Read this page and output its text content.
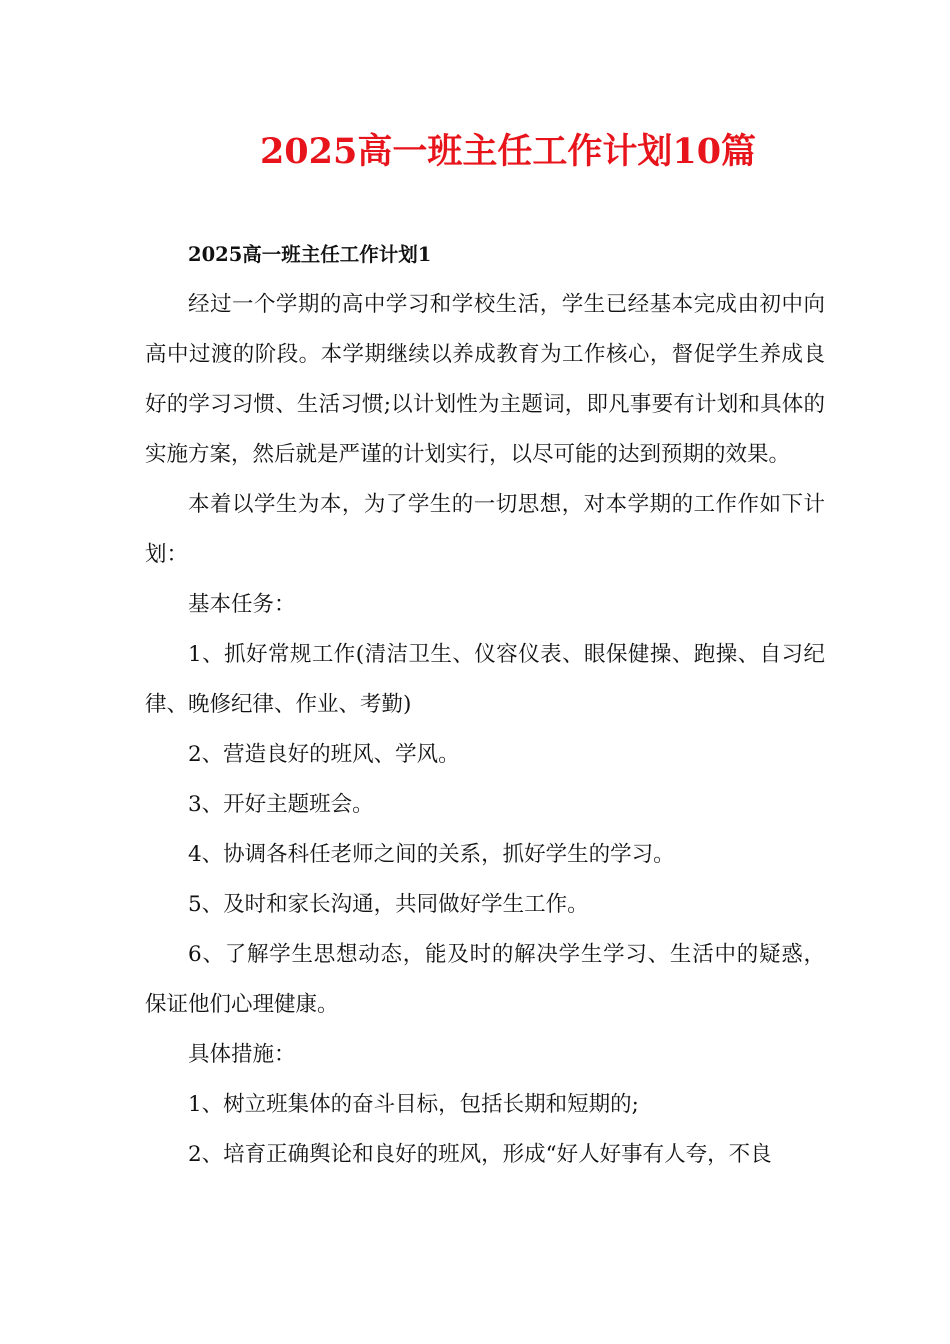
2025高一班主任工作计划10篇

2025高一班主任工作计划1

经过一个学期的高中学习和学校生活，学生已经基本完成由初中向高中过渡的阶段。本学期继续以养成教育为工作核心，督促学生养成良好的学习习惯、生活习惯;以计划性为主题词，即凡事要有计划和具体的实施方案，然后就是严谨的计划实行，以尽可能的达到预期的效果。

本着以学生为本，为了学生的一切思想，对本学期的工作作如下计划：

基本任务：

1、抓好常规工作(清洁卫生、仪容仪表、眼保健操、跑操、自习纪律、晚修纪律、作业、考勤)

2、营造良好的班风、学风。

3、开好主题班会。

4、协调各科任老师之间的关系，抓好学生的学习。

5、及时和家长沟通，共同做好学生工作。

6、了解学生思想动态，能及时的解决学生学习、生活中的疑惑，保证他们心理健康。

具体措施：

1、树立班集体的奋斗目标，包括长期和短期的;

2、培育正确舆论和良好的班风，形成“好人好事有人夸，不良
